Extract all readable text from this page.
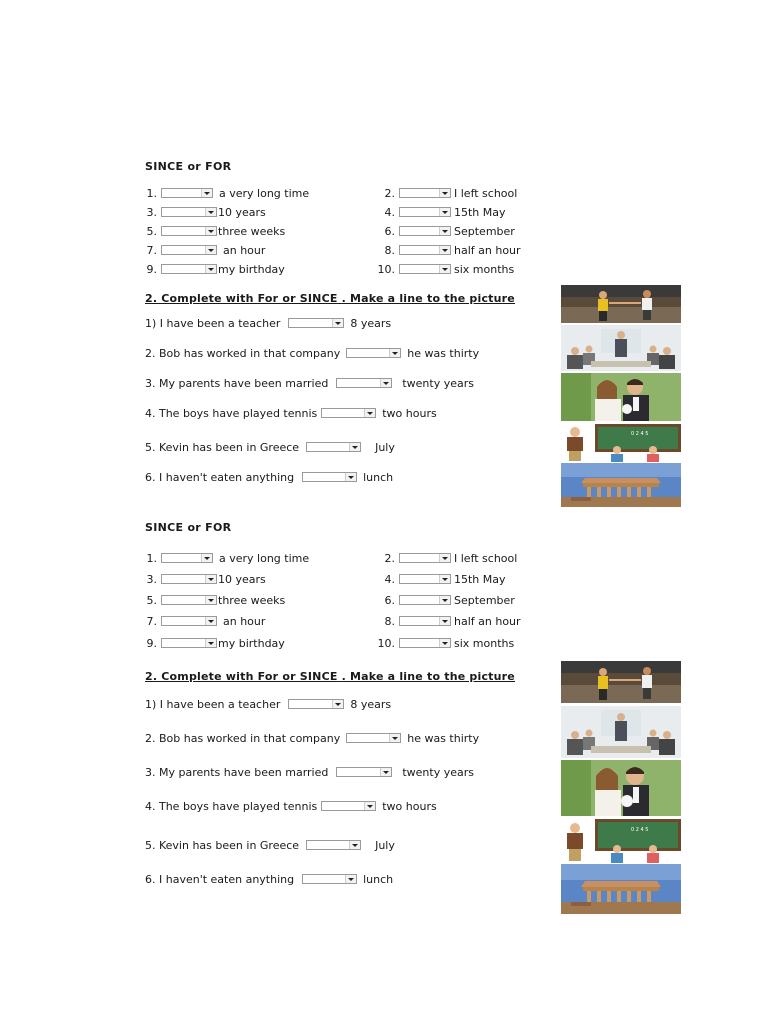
SINCE or FOR
1.	a very long time	2.	I left school
3.	10 years	4.	15th May
5.	three weeks	6.	September
7.	an hour	8.	half an hour
9.	my birthday	10.	six months
2. Complete with For or SINCE . Make a line to the picture
1) I have been a teacher	8 years
2. Bob has worked in that company	he was thirty
3. My parents have been married	twenty years
4. The boys have played tennis	two hours
5. Kevin has been in Greece	July
6. I haven't eaten anything	lunch
0 2 4 5
SINCE or FOR
1.	a very long time	2.	I left school
3.	10 years	4.	15th May
5.	three weeks	6.	September
7.	an hour	8.	half an hour
9.	my birthday	10.	six months
2. Complete with For or SINCE . Make a line to the picture
1) I have been a teacher	8 years
2. Bob has worked in that company	he was thirty
3. My parents have been married	twenty years
4. The boys have played tennis	two hours
5. Kevin has been in Greece	July
6. I haven't eaten anything	lunch
0 2 4 5
